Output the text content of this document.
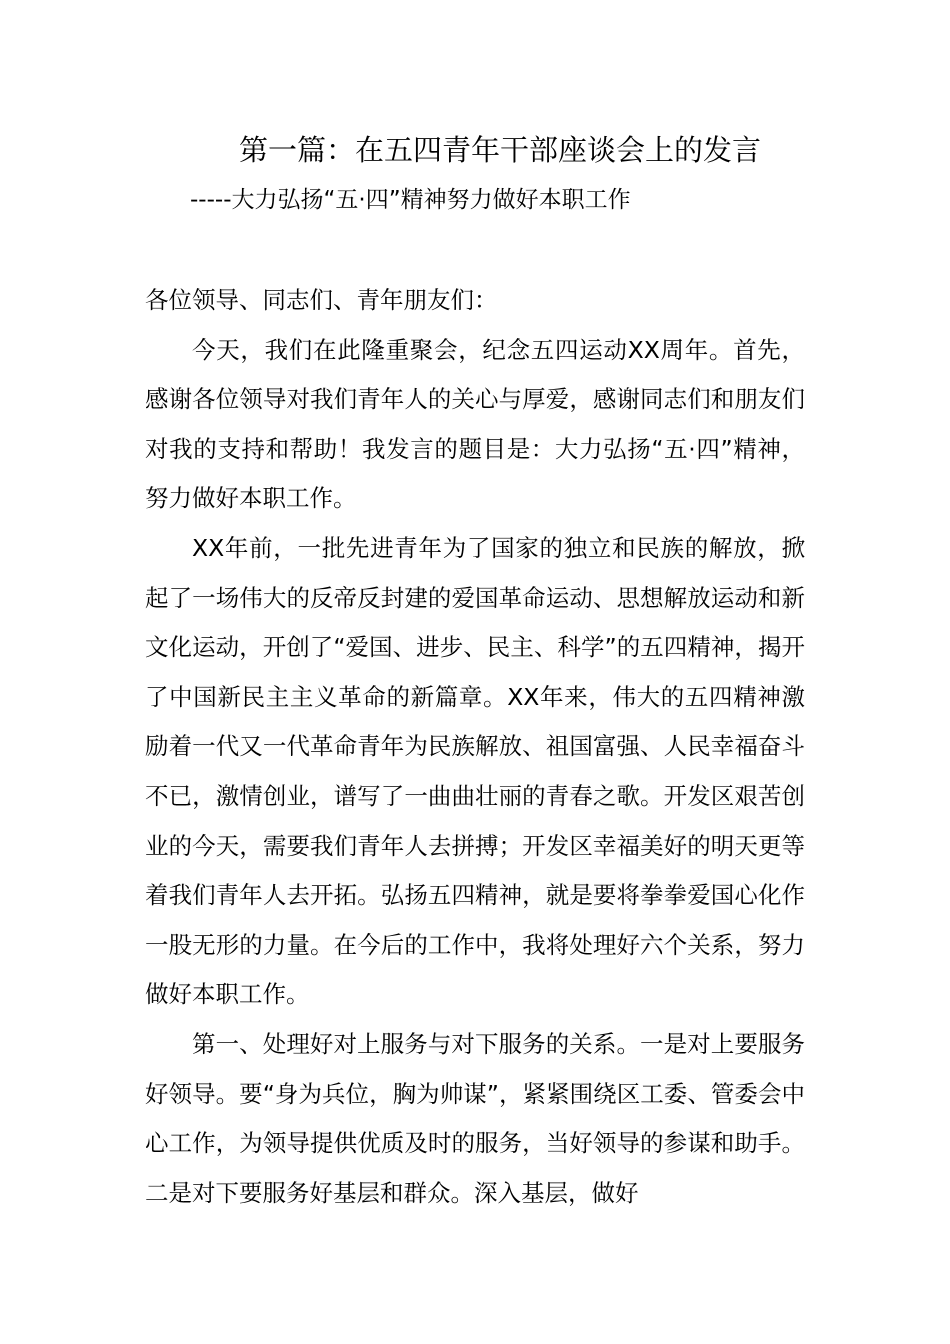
第一篇：在五四青年干部座谈会上的发言
-----大力弘扬“五·四”精神努力做好本职工作

各位领导、同志们、青年朋友们：

今天，我们在此隆重聚会，纪念五四运动XX周年。首先，感谢各位领导对我们青年人的关心与厚爱，感谢同志们和朋友们对我的支持和帮助！我发言的题目是：大力弘扬“五·四”精神，努力做好本职工作。

XX年前，一批先进青年为了国家的独立和民族的解放，掀起了一场伟大的反帝反封建的爱国革命运动、思想解放运动和新文化运动，开创了“爱国、进步、民主、科学”的五四精神，揭开了中国新民主主义革命的新篇章。XX年来，伟大的五四精神激励着一代又一代革命青年为民族解放、祖国富强、人民幸福奋斗不已，激情创业，谱写了一曲曲壮丽的青春之歌。开发区艰苦创业的今天，需要我们青年人去拼搏；开发区幸福美好的明天更等着我们青年人去开拓。弘扬五四精神，就是要将拳拳爱国心化作一股无形的力量。在今后的工作中，我将处理好六个关系，努力做好本职工作。

第一、处理好对上服务与对下服务的关系。一是对上要服务好领导。要“身为兵位，胸为帅谋”，紧紧围绕区工委、管委会中心工作，为领导提供优质及时的服务，当好领导的参谋和助手。二是对下要服务好基层和群众。深入基层，做好
